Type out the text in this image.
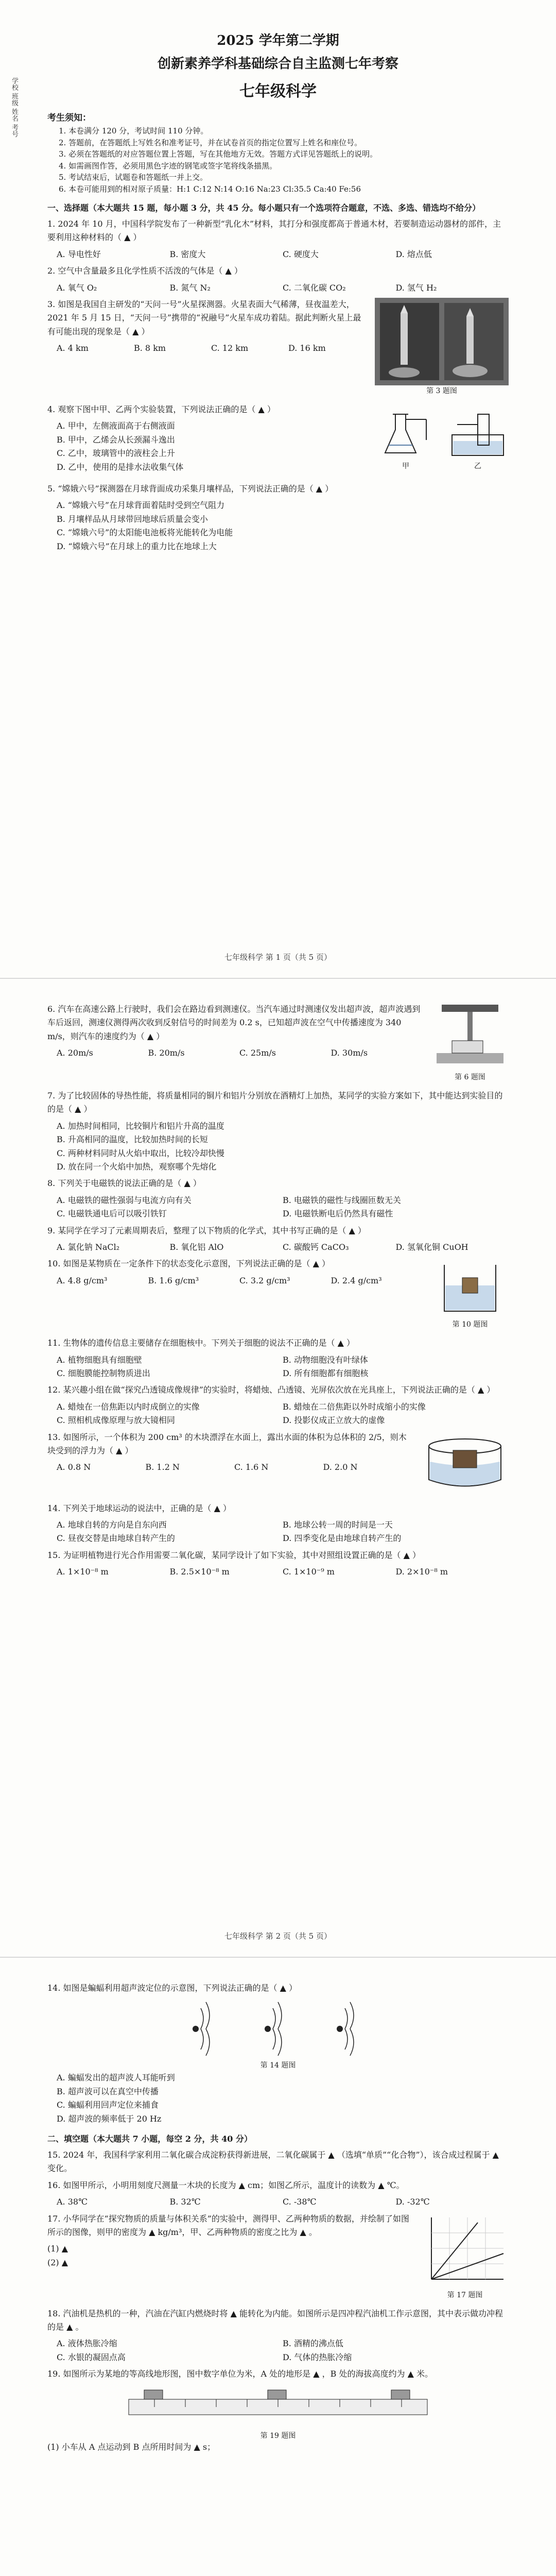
学校 班级 姓名 考号

2025 学年第二学期

创新素养学科基础综合自主监测七年考察

七年级科学

考生须知：

1. 本卷满分 120 分，考试时间 110 分钟。

2. 答题前，在答题纸上写姓名和准考证号，并在试卷首页的指定位置写上姓名和座位号。

3. 必须在答题纸的对应答题位置上答题，写在其他地方无效。答题方式详见答题纸上的说明。

4. 如需画图作答，必须用黑色字迹的钢笔或签字笔将线条描黑。

5. 考试结束后，试题卷和答题纸一并上交。

6. 本卷可能用到的相对原子质量：H:1 C:12 N:14 O:16 Na:23 Cl:35.5 Ca:40 Fe:56

一、选择题（本大题共 15 题，每小题 3 分，共 45 分。每小题只有一个选项符合题意，不选、多选、错选均不给分）

1. 2024 年 10 月，中国科学院发布了一种新型“乳化木”材料，其打分和强度都高于普通木材，若要制造运动器材的部件，主要利用这种材料的（ ▲ ）

A. 导电性好	B. 密度大	C. 硬度大	D. 熔点低

2. 空气中含量最多且化学性质不活泼的气体是（ ▲ ）

A. 氧气 O₂	B. 氮气 N₂	C. 二氧化碳 CO₂	D. 氢气 H₂
第 3 题图

3. 如图是我国自主研发的“天问一号”火星探测器。火星表面大气稀薄，昼夜温差大，2021 年 5 月 15 日，“天问一号”携带的“祝融号”火星车成功着陆。据此判断火星上最有可能出现的现象是（ ▲ ）

A. 4 km	B. 8 km	C. 12 km	D. 16 km
甲	乙

4. 观察下图中甲、乙两个实验装置，下列说法正确的是（ ▲ ）

A. 甲中，左侧液面高于右侧液面
B. 甲中，乙烯会从长颈漏斗逸出
C. 乙中，玻璃管中的液柱会上升
D. 乙中，使用的是排水法收集气体

5. “嫦娥六号”探测器在月球背面成功采集月壤样品，下列说法正确的是（ ▲ ）

A. “嫦娥六号”在月球背面着陆时受到空气阻力
B. 月壤样品从月球带回地球后质量会变小
C. “嫦娥六号”的太阳能电池板将光能转化为电能
D. “嫦娥六号”在月球上的重力比在地球上大
七年级科学 第 1 页（共 5 页）
第 6 题图

6. 汽车在高速公路上行驶时，我们会在路边看到测速仪。当汽车通过时测速仪发出超声波，超声波遇到车后返回，测速仪测得两次收到反射信号的时间差为 0.2 s，已知超声波在空气中传播速度为 340 m/s，则汽车的速度约为（ ▲ ）

A. 20m/s	B. 20m/s	C. 25m/s	D. 30m/s

7. 为了比较固体的导热性能，将质量相同的铜片和铝片分别放在酒精灯上加热，某同学的实验方案如下，其中能达到实验目的的是（ ▲ ）

A. 加热时间相同，比较铜片和铝片升高的温度
B. 升高相同的温度，比较加热时间的长短
C. 两种材料同时从火焰中取出，比较冷却快慢
D. 放在同一个火焰中加热，观察哪个先熔化

8. 下列关于电磁铁的说法正确的是（ ▲ ）

A. 电磁铁的磁性强弱与电流方向有关	B. 电磁铁的磁性与线圈匝数无关
C. 电磁铁通电后可以吸引铁钉	D. 电磁铁断电后仍然具有磁性

9. 某同学在学习了元素周期表后，整理了以下物质的化学式，其中书写正确的是（ ▲ ）

A. 氯化钠 NaCl₂	B. 氧化铝 AlO	C. 碳酸钙 CaCO₃	D. 氢氧化铜 CuOH
第 10 题图

10. 如图是某物质在一定条件下的状态变化示意图，下列说法正确的是（ ▲ ）

A. 4.8 g/cm³	B. 1.6 g/cm³	C. 3.2 g/cm³	D. 2.4 g/cm³

11. 生物体的遗传信息主要储存在细胞核中。下列关于细胞的说法不正确的是（ ▲ ）

A. 植物细胞具有细胞壁	B. 动物细胞没有叶绿体
C. 细胞膜能控制物质进出	D. 所有细胞都有细胞核

12. 某兴趣小组在做“探究凸透镜成像规律”的实验时，将蜡烛、凸透镜、光屏依次放在光具座上，下列说法正确的是（ ▲ ）

A. 蜡烛在一倍焦距以内时成倒立的实像	B. 蜡烛在二倍焦距以外时成缩小的实像
C. 照相机成像原理与放大镜相同	D. 投影仪成正立放大的虚像

13. 如图所示，一个体积为 200 cm³ 的木块漂浮在水面上，露出水面的体积为总体积的 2/5，则木块受到的浮力为（ ▲ ）

A. 0.8 N	B. 1.2 N	C. 1.6 N	D. 2.0 N

14. 下列关于地球运动的说法中，正确的是（ ▲ ）

A. 地球自转的方向是自东向西	B. 地球公转一周的时间是一天
C. 昼夜交替是由地球自转产生的	D. 四季变化是由地球自转产生的

15. 为证明植物进行光合作用需要二氧化碳，某同学设计了如下实验，其中对照组设置正确的是（ ▲ ）

A. 1×10⁻⁸ m	B. 2.5×10⁻⁸ m	C. 1×10⁻⁹ m	D. 2×10⁻⁸ m
七年级科学 第 2 页（共 5 页）

14. 如图是蝙蝠利用超声波定位的示意图，下列说法正确的是（ ▲ ）

第 14 题图
A. 蝙蝠发出的超声波人耳能听到
B. 超声波可以在真空中传播
C. 蝙蝠利用回声定位来捕食
D. 超声波的频率低于 20 Hz
二、填空题（本大题共 7 小题，每空 2 分，共 40 分）

15. 2024 年，我国科学家利用二氧化碳合成淀粉获得新进展，二氧化碳属于 ▲ （选填“单质”“化合物”），该合成过程属于 ▲ 变化。

16. 如图甲所示，小明用刻度尺测量一木块的长度为 ▲ cm；如图乙所示，温度计的读数为 ▲ ℃。

A. 38℃	B. 32℃	C. -38℃	D. -32℃
第 17 题图

17. 小华同学在“探究物质的质量与体积关系”的实验中，测得甲、乙两种物质的数据，并绘制了如图所示的图像，则甲的密度为 ▲ kg/m³，甲、乙两种物质的密度之比为 ▲ 。

(1) ▲

(2) ▲

18. 汽油机是热机的一种，汽油在汽缸内燃烧时将 ▲ 能转化为内能。如图所示是四冲程汽油机工作示意图，其中表示做功冲程的是 ▲ 。

A. 液体热胀冷缩	B. 酒精的沸点低
C. 水银的凝固点高	D. 气体的热胀冷缩

19. 如图所示为某地的等高线地形图，图中数字单位为米，A 处的地形是 ▲ ，B 处的海拔高度约为 ▲ 米。

第 19 题图

(1) 小车从 A 点运动到 B 点所用时间为 ▲ s；
